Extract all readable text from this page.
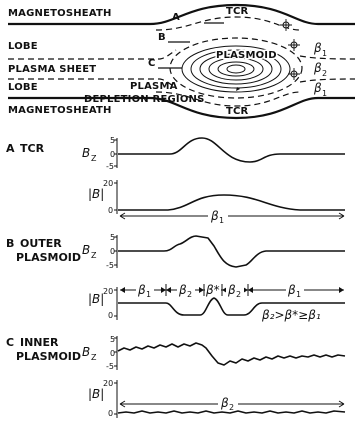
MAGNETOSHEATH	TCR
A
B
C
LOBE
PLASMA SHEET
LOBE
PLASMOID
PLASMA
DEPLETION REGIONS
MAGNETOSHEATH	TCR
β 1
β 2
β 1
A TCR	B Z
5
0
-5
|B|
20
0	β 1
B OUTER
PLASMOID
B Z
5
0
-5
|B|
20
0
β 1 β 2 β* β 2	β 1
β₂>β*≥β₁
C INNER
PLASMOID B Z
5
0
-5
|B|
20
0
β 2
